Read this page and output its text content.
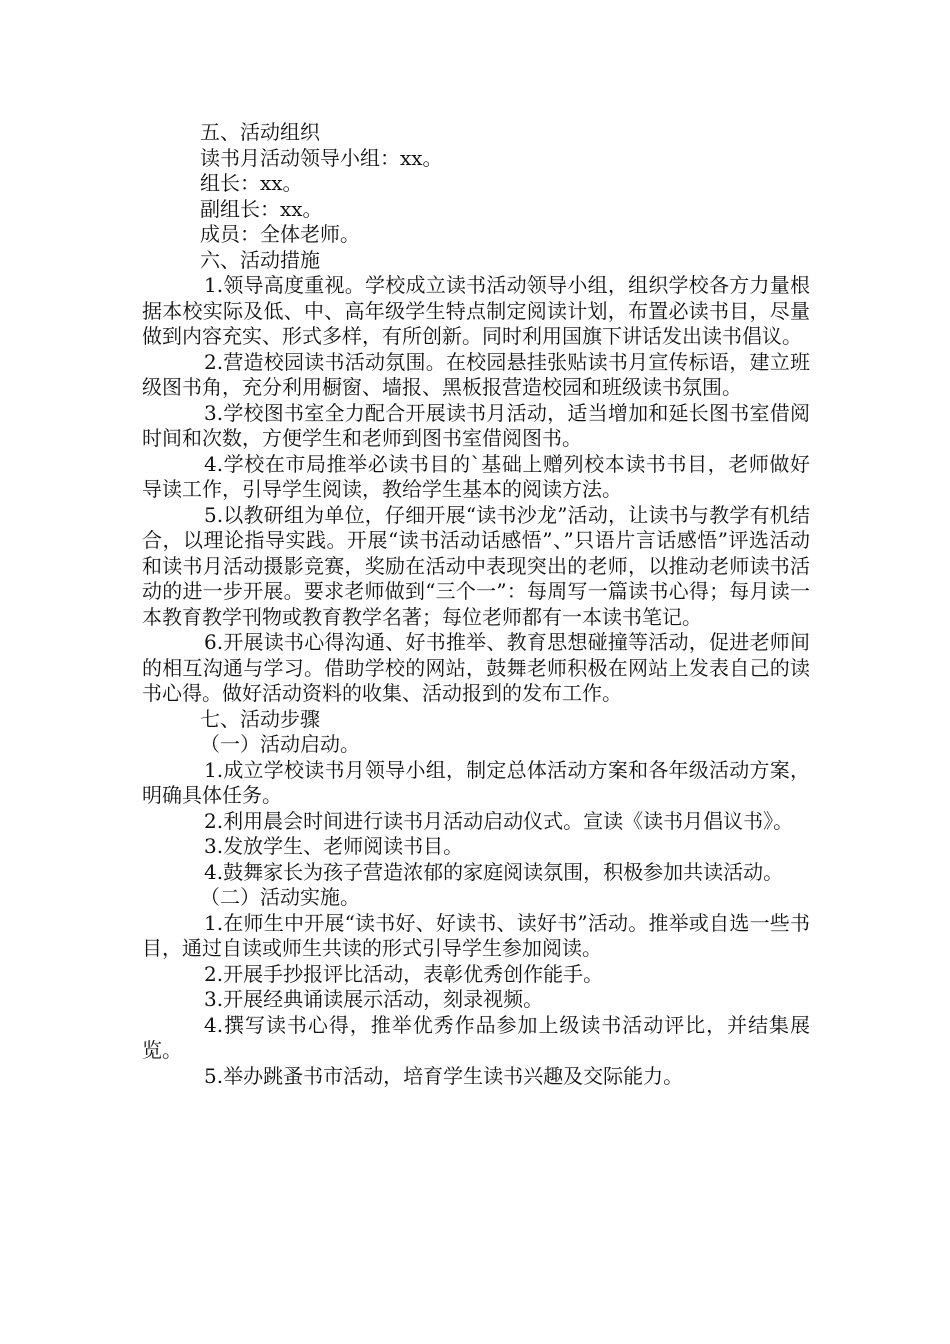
五、活动组织

读书月活动领导小组：xx。

组长：xx。

副组长：xx。

成员：全体老师。

六、活动措施

1.领导高度重视。学校成立读书活动领导小组，组织学校各方力量根据本校实际及低、中、高年级学生特点制定阅读计划，布置必读书目，尽量做到内容充实、形式多样，有所创新。同时利用国旗下讲话发出读书倡议。

2.营造校园读书活动氛围。在校园悬挂张贴读书月宣传标语，建立班级图书角，充分利用橱窗、墙报、黑板报营造校园和班级读书氛围。

3.学校图书室全力配合开展读书月活动，适当增加和延长图书室借阅时间和次数，方便学生和老师到图书室借阅图书。

4.学校在市局推举必读书目的`基础上赠列校本读书书目，老师做好导读工作，引导学生阅读，教给学生基本的阅读方法。

5.以教研组为单位，仔细开展“读书沙龙”活动，让读书与教学有机结合，以理论指导实践。开展“读书活动话感悟”、”只语片言话感悟”评选活动和读书月活动摄影竞赛，奖励在活动中表现突出的老师，以推动老师读书活动的进一步开展。要求老师做到“三个一”：每周写一篇读书心得；每月读一本教育教学刊物或教育教学名著；每位老师都有一本读书笔记。

6.开展读书心得沟通、好书推举、教育思想碰撞等活动，促进老师间的相互沟通与学习。借助学校的网站，鼓舞老师积极在网站上发表自己的读书心得。做好活动资料的收集、活动报到的发布工作。

七、活动步骤

（一）活动启动。

1.成立学校读书月领导小组，制定总体活动方案和各年级活动方案，明确具体任务。

2.利用晨会时间进行读书月活动启动仪式。宣读《读书月倡议书》。

3.发放学生、老师阅读书目。

4.鼓舞家长为孩子营造浓郁的家庭阅读氛围，积极参加共读活动。

（二）活动实施。

1.在师生中开展“读书好、好读书、读好书”活动。推举或自选一些书目，通过自读或师生共读的形式引导学生参加阅读。

2.开展手抄报评比活动，表彰优秀创作能手。

3.开展经典诵读展示活动，刻录视频。

4.撰写读书心得，推举优秀作品参加上级读书活动评比，并结集展览。

5.举办跳蚤书市活动，培育学生读书兴趣及交际能力。
